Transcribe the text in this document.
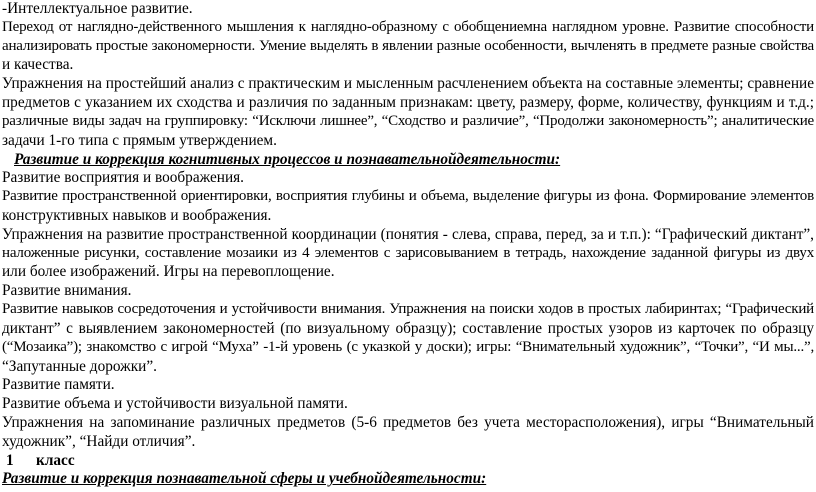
-Интеллектуальное развитие.

Переход от наглядно-действенного мышления к наглядно-образному с обобщениемна наглядном уровне. Развитие способности

анализировать простые закономерности. Умение выделять в явлении разные особенности, вычленять в предмете разные свойства

и качества.

Упражнения на простейший анализ с практическим и мысленным расчленением объекта на составные элементы; сравнение

предметов с указанием их сходства и различия по заданным признакам: цвету, размеру, форме, количеству, функциям и т.д.;

различные виды задач на группировку: “Исключи лишнее”, “Сходство и различие”, “Продолжи закономерность”; аналитические

задачи 1-го типа с прямым утверждением.

Развитие и коррекция когнитивных процессов и познавательнойдеятельности:

Развитие восприятия и воображения.

Развитие пространственной ориентировки, восприятия глубины и объема, выделение фигуры из фона. Формирование элементов

конструктивных навыков и воображения.

Упражнения на развитие пространственной координации (понятия - слева, справа, перед, за и т.п.): “Графический диктант”,

наложенные рисунки, составление мозаики из 4 элементов с зарисовыванием в тетрадь, нахождение заданной фигуры из двух

или более изображений. Игры на перевоплощение.

Развитие внимания.

Развитие навыков сосредоточения и устойчивости внимания. Упражнения на поиски ходов в простых лабиринтах; “Графический

диктант” с выявлением закономерностей (по визуальному образцу); составление простых узоров из карточек по образцу

(“Мозаика”); знакомство с игрой “Муха” -1-й уровень (с указкой у доски); игры: “Внимательный художник”, “Точки”, “И мы...”,

“Запутанные дорожки”.

Развитие памяти.

Развитие объема и устойчивости визуальной памяти.

Упражнения на запоминание различных предметов (5-6 предметов без учета месторасположения), игры “Внимательный

художник”, “Найди отличия”.

1	класс

Развитие и коррекция познавательной сферы и учебнойдеятельности:
